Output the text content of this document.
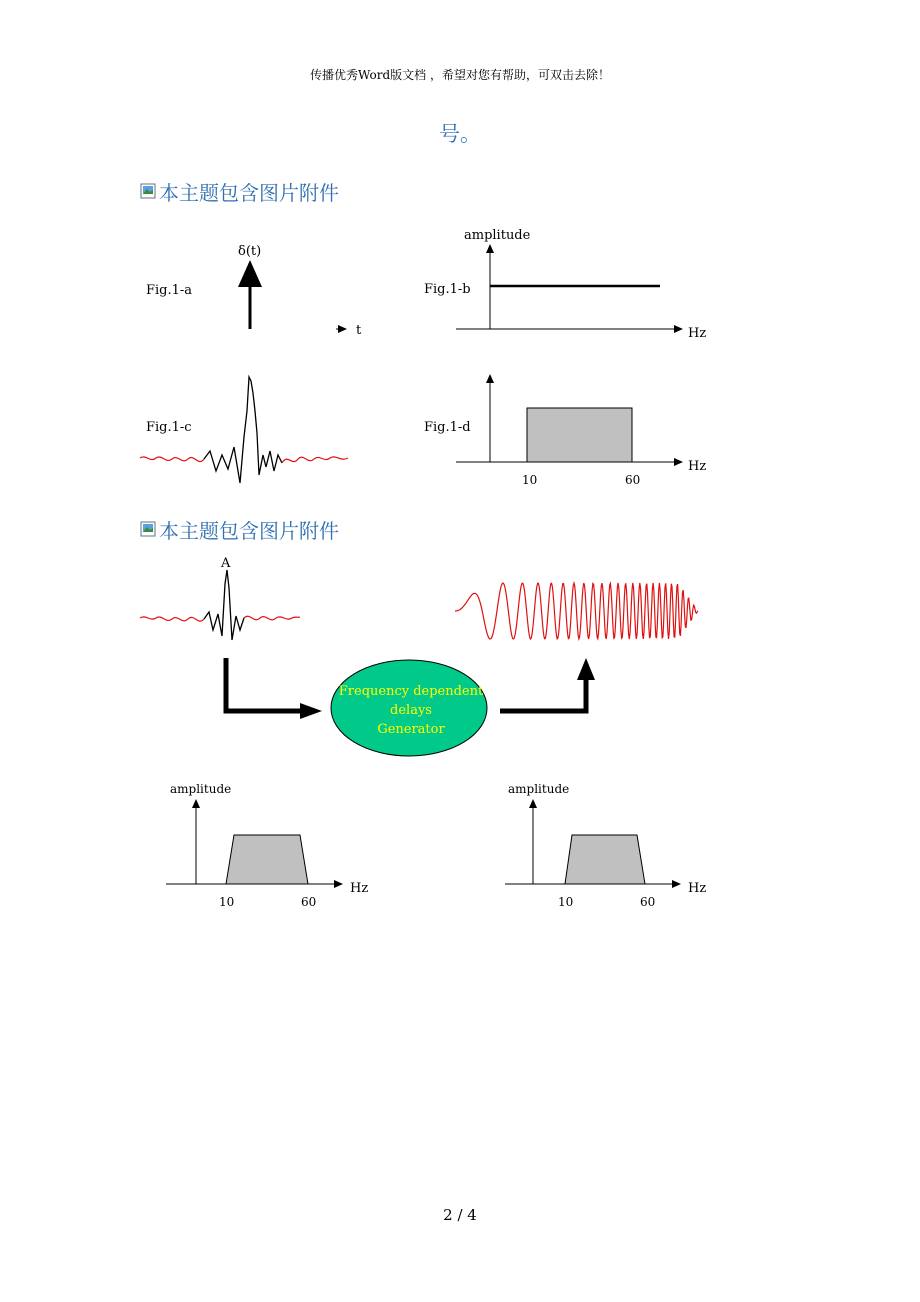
传播优秀Word版文档 ，希望对您有帮助，可双击去除！
号。
本主题包含图片附件
Fig.1-a
δ(t)
t
amplitude
Fig.1-b
Hz
Fig.1-c	Fig.1-d
Hz
10	60
本主题包含图片附件
A
Frequency dependent
delays
Generator
amplitude
Hz
10	60
amplitude
Hz
10	60
2 / 4
